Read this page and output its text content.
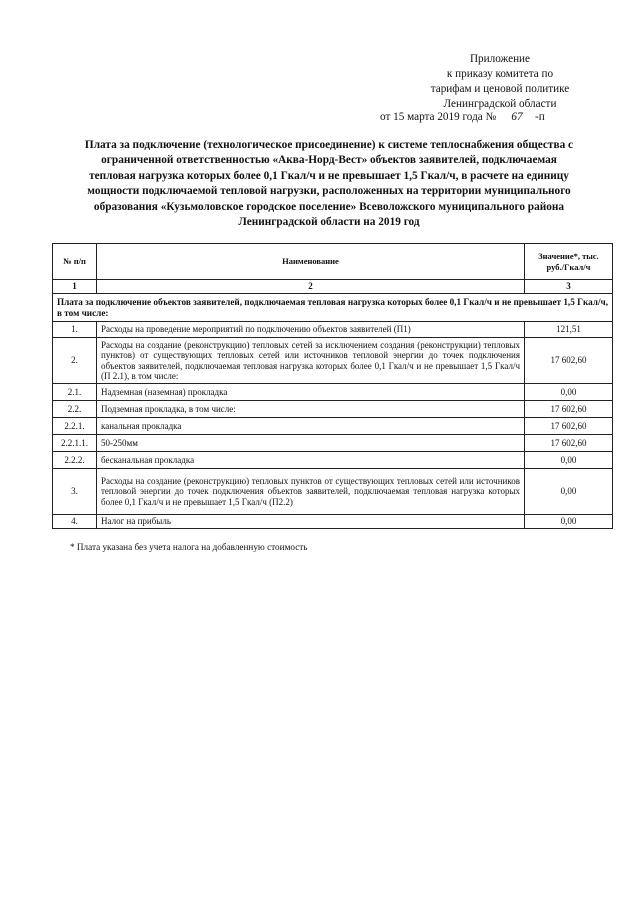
Приложение
к приказу комитета по
тарифам и ценовой политике
Ленинградской области
от 15 марта 2019 года № 67 -п
Плата за подключение (технологическое присоединение) к системе теплоснабжения общества с
ограниченной ответственностью «Аква-Норд-Вест» объектов заявителей, подключаемая
тепловая нагрузка которых более 0,1 Гкал/ч и не превышает 1,5 Гкал/ч, в расчете на единицу
мощности подключаемой тепловой нагрузки, расположенных на территории муниципального
образования «Кузьмоловское городское поселение» Всеволожского муниципального района
Ленинградской области на 2019 год
№ п/п	Наименование	Значение*, тыс. руб./Гкал/ч
1	2	3
Плата за подключение объектов заявителей, подключаемая тепловая нагрузка которых более 0,1 Гкал/ч и не превышает 1,5 Гкал/ч, в том числе:		
1.	Расходы на проведение мероприятий по подключению объектов заявителей (П1)	121,51
2.	Расходы на создание (реконструкцию) тепловых сетей за исключением создания (реконструкции) тепловых пунктов) от существующих тепловых сетей или источников тепловой энергии до точек подключения объектов заявителей, подключаемая тепловая нагрузка которых более 0,1 Гкал/ч и не превышает 1,5 Гкал/ч (П 2.1), в том числе:	17 602,60
2.1.	Надземная (наземная) прокладка	0,00
2.2.	Подземная прокладка, в том числе:	17 602,60
2.2.1.	канальная прокладка	17 602,60
2.2.1.1.	50-250мм	17 602,60
2.2.2.	бесканальная прокладка	0,00
3.	Расходы на создание (реконструкцию) тепловых пунктов от существующих тепловых сетей или источников тепловой энергии до точек подключения объектов заявителей, подключаемая тепловая нагрузка которых более 0,1 Гкал/ч и не превышает 1,5 Гкал/ч (П2.2)	0,00
4.	Налог на прибыль	0,00
* Плата указана без учета налога на добавленную стоимость
